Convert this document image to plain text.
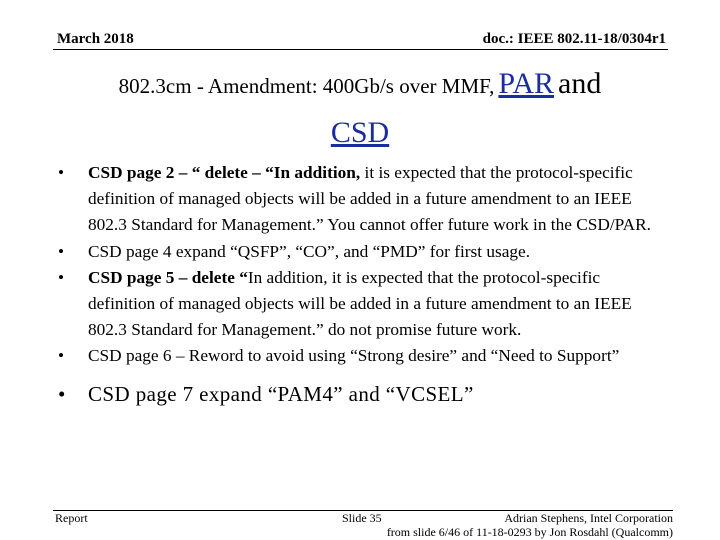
March 2018	doc.: IEEE 802.11-18/0304r1
802.3cm - Amendment: 400Gb/s over MMF, PAR and
CSD
• CSD page 2 – “ delete – “In addition, it is expected that the protocol-specific definition of managed objects will be added in a future amendment to an IEEE 802.3 Standard for Management.” You cannot offer future work in the CSD/PAR.
• CSD page 4 expand “QSFP”, “CO”, and “PMD” for first usage.
• CSD page 5 – delete “In addition, it is expected that the protocol-specific definition of managed objects will be added in a future amendment to an IEEE 802.3 Standard for Management.” do not promise future work.
• CSD page 6 – Reword to avoid using “Strong desire” and “Need to Support”
• CSD page 7 expand “PAM4” and “VCSEL”
Report	Slide 35	Adrian Stephens, Intel Corporation
from slide 6/46 of 11-18-0293 by Jon Rosdahl (Qualcomm)
